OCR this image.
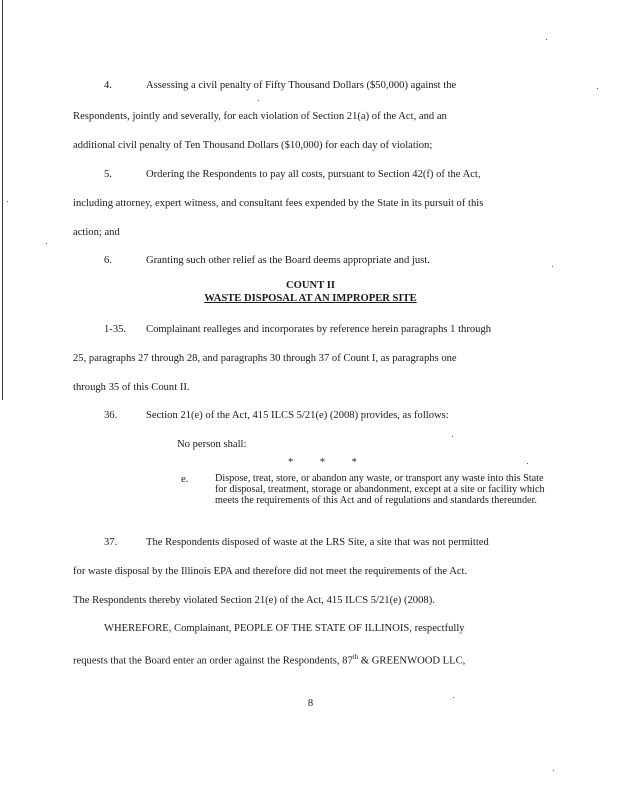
4.	Assessing a civil penalty of Fifty Thousand Dollars ($50,000) against the
Respondents, jointly and severally, for each violation of Section 21(a) of the Act, and an
additional civil penalty of Ten Thousand Dollars ($10,000) for each day of violation;
5.	Ordering the Respondents to pay all costs, pursuant to Section 42(f) of the Act,
including attorney, expert witness, and consultant fees expended by the State in its pursuit of this
action; and
6.	Granting such other relief as the Board deems appropriate and just.
COUNT II
WASTE DISPOSAL AT AN IMPROPER SITE
1-35. Complainant realleges and incorporates by reference herein paragraphs 1 through
25, paragraphs 27 through 28, and paragraphs 30 through 37 of Count I, as paragraphs one
through 35 of this Count II.
36.	Section 21(e) of the Act, 415 ILCS 5/21(e) (2008) provides, as follows:
No person shall:
*          *          *
e.	Dispose, treat, store, or abandon any waste, or transport any waste into this State for disposal, treatment, storage or abandonment, except at a site or facility which meets the requirements of this Act and of regulations and standards thereunder.
37.	The Respondents disposed of waste at the LRS Site, a site that was not permitted
for waste disposal by the Illinois EPA and therefore did not meet the requirements of the Act.
The Respondents thereby violated Section 21(e) of the Act, 415 ILCS 5/21(e) (2008).
WHEREFORE, Complainant, PEOPLE OF THE STATE OF ILLINOIS, respectfully
requests that the Board enter an order against the Respondents, 87th & GREENWOOD LLC,
8
